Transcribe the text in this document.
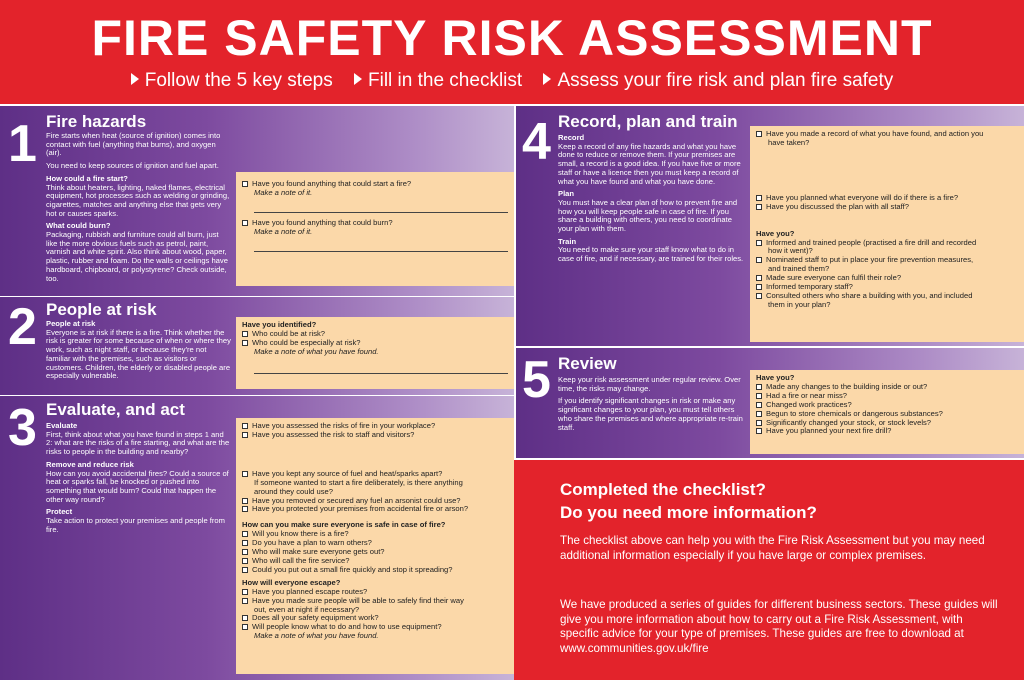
FIRE SAFETY RISK ASSESSMENT
Follow the 5 key steps Fill in the checklist Assess your fire risk and plan fire safety
1 Fire hazards

Fire starts when heat (source of ignition) comes into contact with fuel (anything that burns), and oxygen (air).

You need to keep sources of ignition and fuel apart.

How could a fire start?

Think about heaters, lighting, naked flames, electrical equipment, hot processes such as welding or grinding, cigarettes, matches and anything else that gets very hot or causes sparks.

What could burn?

Packaging, rubbish and furniture could all burn, just like the more obvious fuels such as petrol, paint, varnish and white spirit. Also think about wood, paper, plastic, rubber and foam. Do the walls or ceilings have hardboard, chipboard, or polystyrene? Check outside, too.

Have you found anything that could start a fire?
Make a note of it.
Have you found anything that could burn?
Make a note of it.
2 People at risk
People at risk

Everyone is at risk if there is a fire. Think whether the risk is greater for some because of when or where they work, such as night staff, or because they're not familiar with the premises, such as visitors or customers. Children, the elderly or disabled people are especially vulnerable.

Have you identified?
Who could be at risk?
Who could be especially at risk?
Make a note of what you have found.
3 Evaluate, and act
Evaluate

First, think about what you have found in steps 1 and 2: what are the risks of a fire starting, and what are the risks to people in the building and nearby?

Remove and reduce risk

How can you avoid accidental fires? Could a source of heat or sparks fall, be knocked or pushed into something that would burn? Could that happen the other way round?

Protect

Take action to protect your premises and people from fire.

Have you assessed the risks of fire in your workplace?
Have you assessed the risk to staff and visitors?
Have you kept any source of fuel and heat/sparks apart?
If someone wanted to start a fire deliberately, is there anything
around they could use?
Have you removed or secured any fuel an arsonist could use?
Have you protected your premises from accidental fire or arson?
How can you make sure everyone is safe in case of fire?
Will you know there is a fire?
Do you have a plan to warn others?
Who will make sure everyone gets out?
Who will call the fire service?
Could you put out a small fire quickly and stop it spreading?
How will everyone escape?
Have you planned escape routes?
Have you made sure people will be able to safely find their way
out, even at night if necessary?
Does all your safety equipment work?
Will people know what to do and how to use equipment?
Make a note of what you have found.
4 Record, plan and train
Record

Keep a record of any fire hazards and what you have done to reduce or remove them. If your premises are small, a record is a good idea. If you have five or more staff or have a licence then you must keep a record of what you have found and what you have done.

Plan

You must have a clear plan of how to prevent fire and how you will keep people safe in case of fire. If you share a building with others, you need to coordinate your plan with them.

Train

You need to make sure your staff know what to do in case of fire, and if necessary, are trained for their roles.

Have you made a record of what you have found, and action you
have taken?
Have you planned what everyone will do if there is a fire?
Have you discussed the plan with all staff?
Have you?
Informed and trained people (practised a fire drill and recorded
how it went)?
Nominated staff to put in place your fire prevention measures,
and trained them?
Made sure everyone can fulfil their role?
Informed temporary staff?
Consulted others who share a building with you, and included
them in your plan?
5 Review

Keep your risk assessment under regular review. Over time, the risks may change.

If you identify significant changes in risk or make any significant changes to your plan, you must tell others who share the premises and where appropriate re-train staff.

Have you?
Made any changes to the building inside or out?
Had a fire or near miss?
Changed work practices?
Begun to store chemicals or dangerous substances?
Significantly changed your stock, or stock levels?
Have you planned your next fire drill?
Completed the checklist?
Do you need more information?
The checklist above can help you with the Fire Risk Assessment but you may need additional information especially if you have large or complex premises.
We have produced a series of guides for different business sectors. These guides will give you more information about how to carry out a Fire Risk Assessment, with specific advice for your type of premises. These guides are free to download at www.communities.gov.uk/fire
